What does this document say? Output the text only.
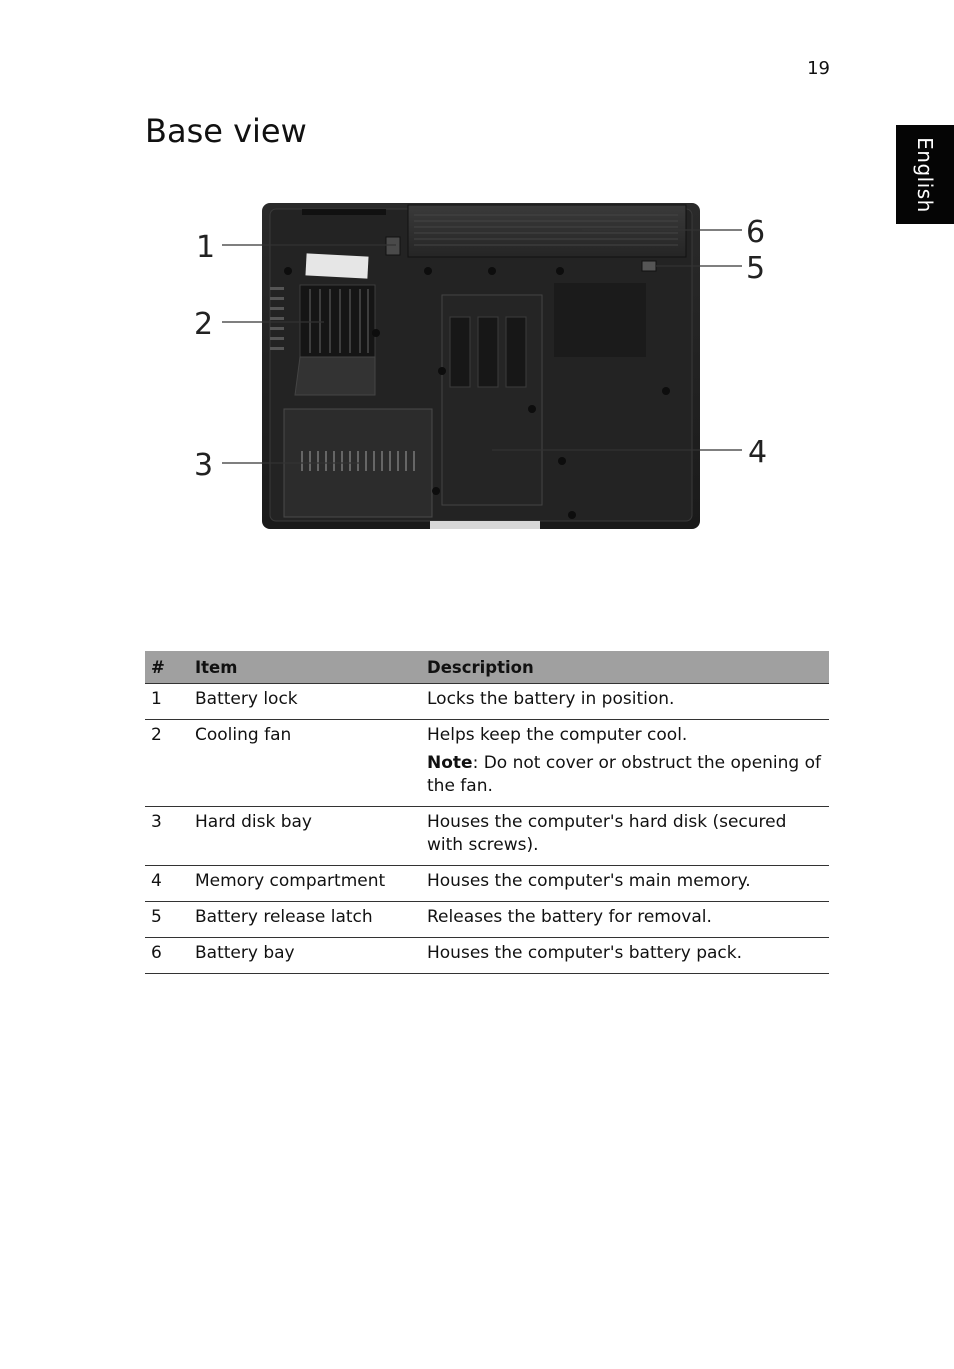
19
English
Base view
1
2
3	4
5
6
#	Item	Description
1	Battery lock	Locks the battery in position.
2	Cooling fan	Helps keep the computer cool.
Note: Do not cover or obstruct the opening of the fan.

3	Hard disk bay	Houses the computer's hard disk (secured with screws).
4	Memory compartment	Houses the computer's main memory.
5	Battery release latch	Releases the battery for removal.
6	Battery bay	Houses the computer's battery pack.
